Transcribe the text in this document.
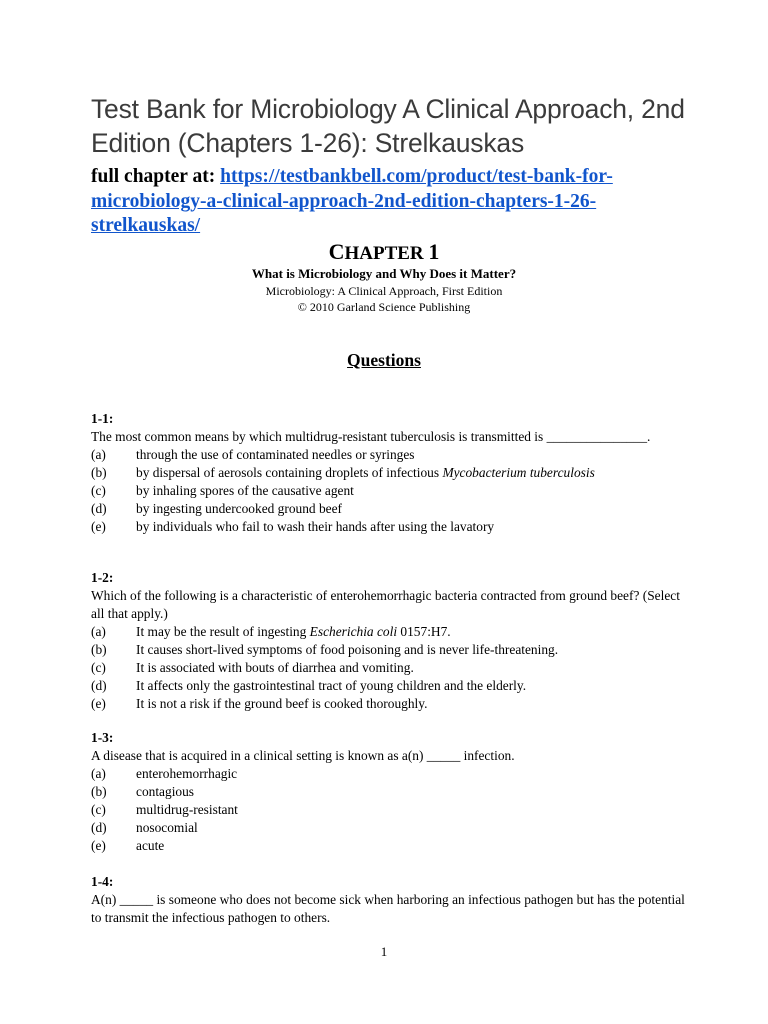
Test Bank for Microbiology A Clinical Approach, 2nd Edition (Chapters 1-26): Strelkauskas
full chapter at: https://testbankbell.com/product/test-bank-for-microbiology-a-clinical-approach-2nd-edition-chapters-1-26-strelkauskas/
CHAPTER 1
What is Microbiology and Why Does it Matter?
Microbiology: A Clinical Approach, First Edition
© 2010 Garland Science Publishing
Questions
1-1:
The most common means by which multidrug-resistant tuberculosis is transmitted is _______________.
(a)	through the use of contaminated needles or syringes
(b)	by dispersal of aerosols containing droplets of infectious Mycobacterium tuberculosis
(c)	by inhaling spores of the causative agent
(d)	by ingesting undercooked ground beef
(e)	by individuals who fail to wash their hands after using the lavatory
1-2:
Which of the following is a characteristic of enterohemorrhagic bacteria contracted from ground beef? (Select all that apply.)
(a)	It may be the result of ingesting Escherichia coli 0157:H7.
(b)	It causes short-lived symptoms of food poisoning and is never life-threatening.
(c)	It is associated with bouts of diarrhea and vomiting.
(d)	It affects only the gastrointestinal tract of young children and the elderly.
(e)	It is not a risk if the ground beef is cooked thoroughly.
1-3:
A disease that is acquired in a clinical setting is known as a(n) _____ infection.
(a)	enterohemorrhagic
(b)	contagious
(c)	multidrug-resistant
(d)	nosocomial
(e)	acute
1-4:
A(n) _____ is someone who does not become sick when harboring an infectious pathogen but has the potential to transmit the infectious pathogen to others.
1
